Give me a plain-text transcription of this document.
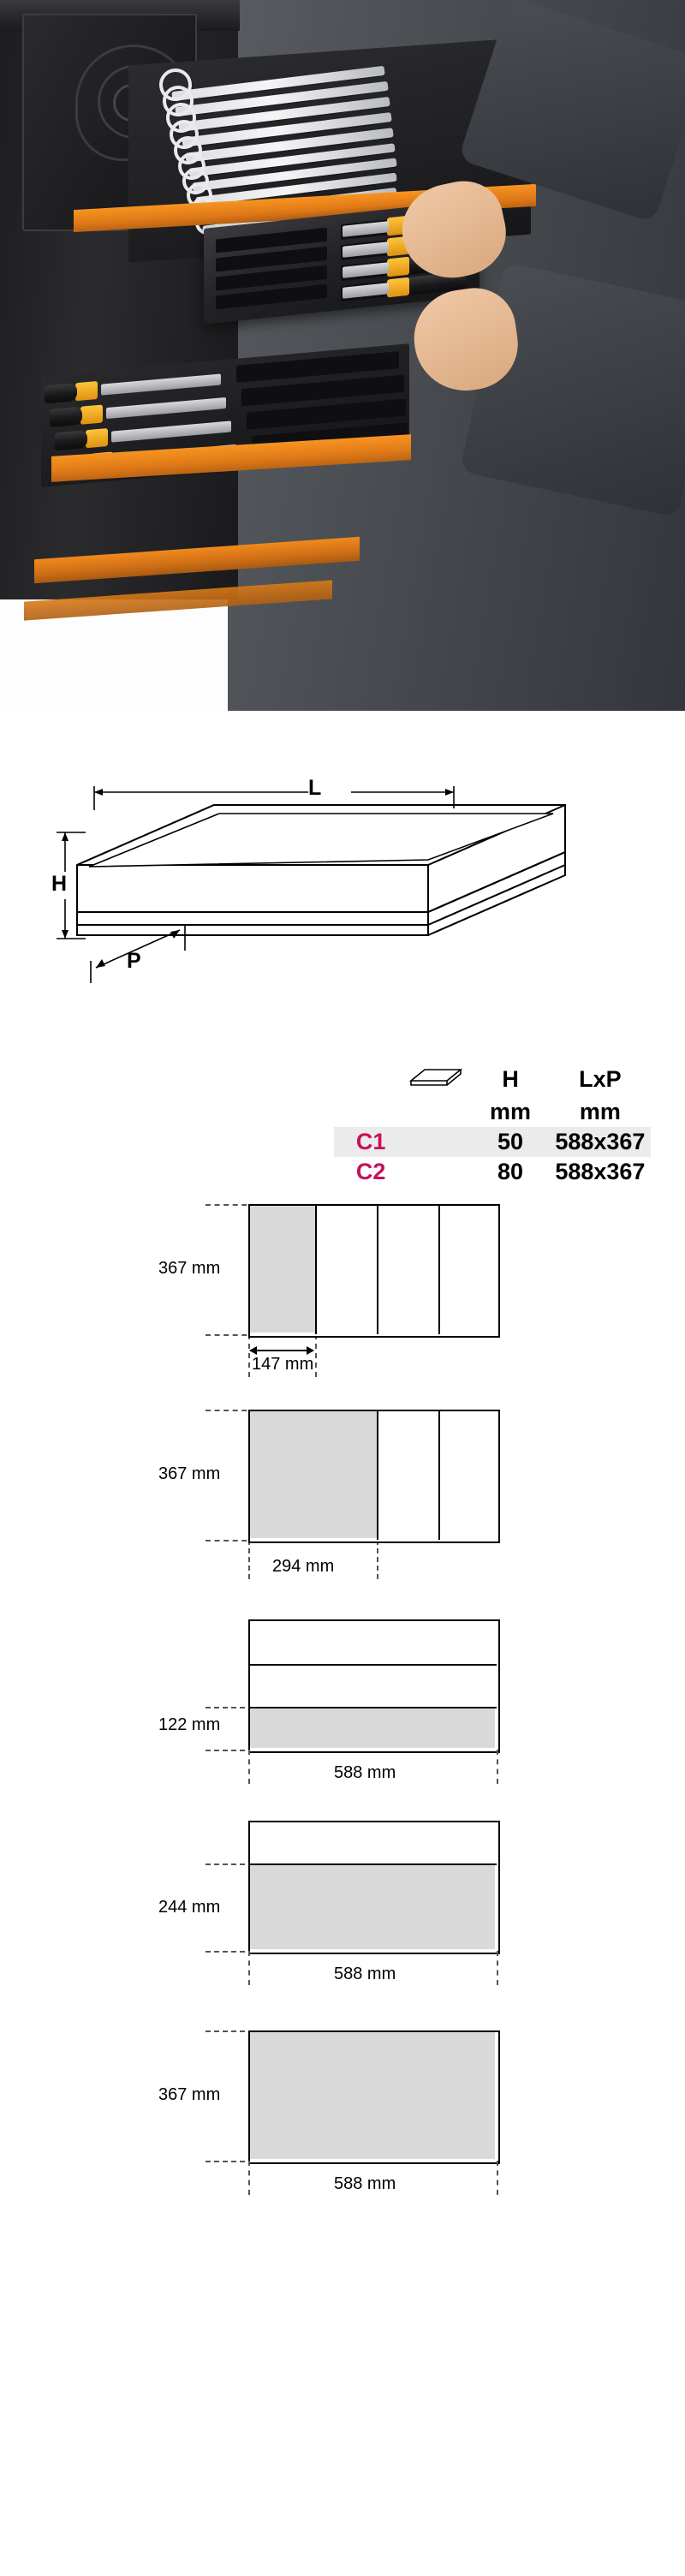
L
H
P
		H	LxP
		mm	mm
C1		50	588x367
C2		80	588x367
367 mm
147 mm
367 mm
294 mm
122 mm
588 mm
244 mm
588 mm
367 mm
588 mm
